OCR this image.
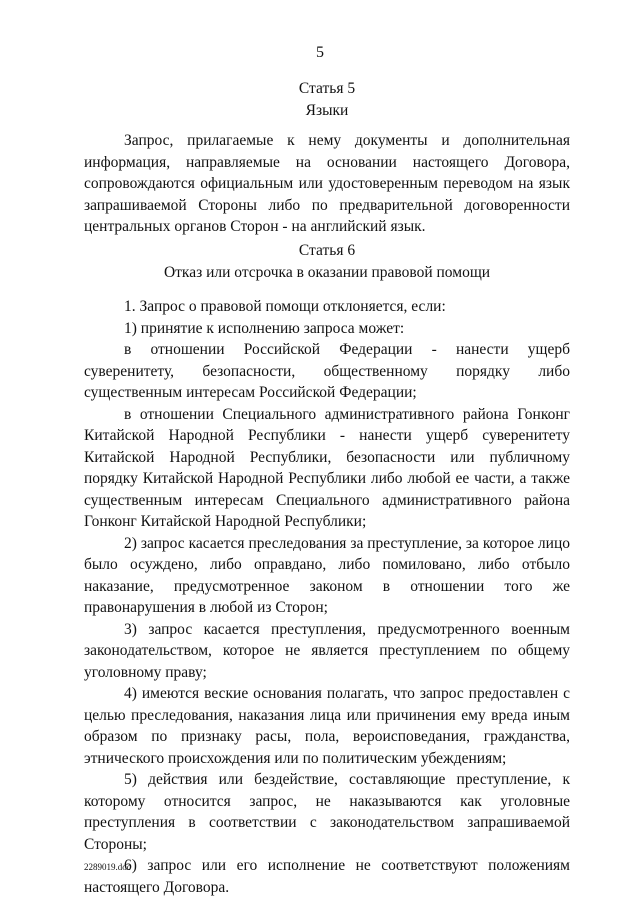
5
Статья 5
Языки

Запрос, прилагаемые к нему документы и дополнительная информация, направляемые на основании настоящего Договора, сопровождаются официальным или удостоверенным переводом на язык запрашиваемой Стороны либо по предварительной договоренности центральных органов Сторон - на английский язык.

Статья 6
Отказ или отсрочка в оказании правовой помощи

1. Запрос о правовой помощи отклоняется, если:

1) принятие к исполнению запроса может:

в отношении Российской Федерации - нанести ущерб суверенитету, безопасности, общественному порядку либо существенным интересам Российской Федерации;

в отношении Специального административного района Гонконг Китайской Народной Республики - нанести ущерб суверенитету Китайской Народной Республики, безопасности или публичному порядку Китайской Народной Республики либо любой ее части, а также существенным интересам Специального административного района Гонконг Китайской Народной Республики;

2) запрос касается преследования за преступление, за которое лицо было осуждено, либо оправдано, либо помиловано, либо отбыло наказание, предусмотренное законом в отношении того же правонарушения в любой из Сторон;

3) запрос касается преступления, предусмотренного военным законодательством, которое не является преступлением по общему уголовному праву;

4) имеются веские основания полагать, что запрос предоставлен с целью преследования, наказания лица или причинения ему вреда иным образом по признаку расы, пола, вероисповедания, гражданства, этнического происхождения или по политическим убеждениям;

5) действия или бездействие, составляющие преступление, к которому относится запрос, не наказываются как уголовные преступления в соответствии с законодательством запрашиваемой Стороны;

6) запрос или его исполнение не соответствуют положениям настоящего Договора.

2289019.doc
